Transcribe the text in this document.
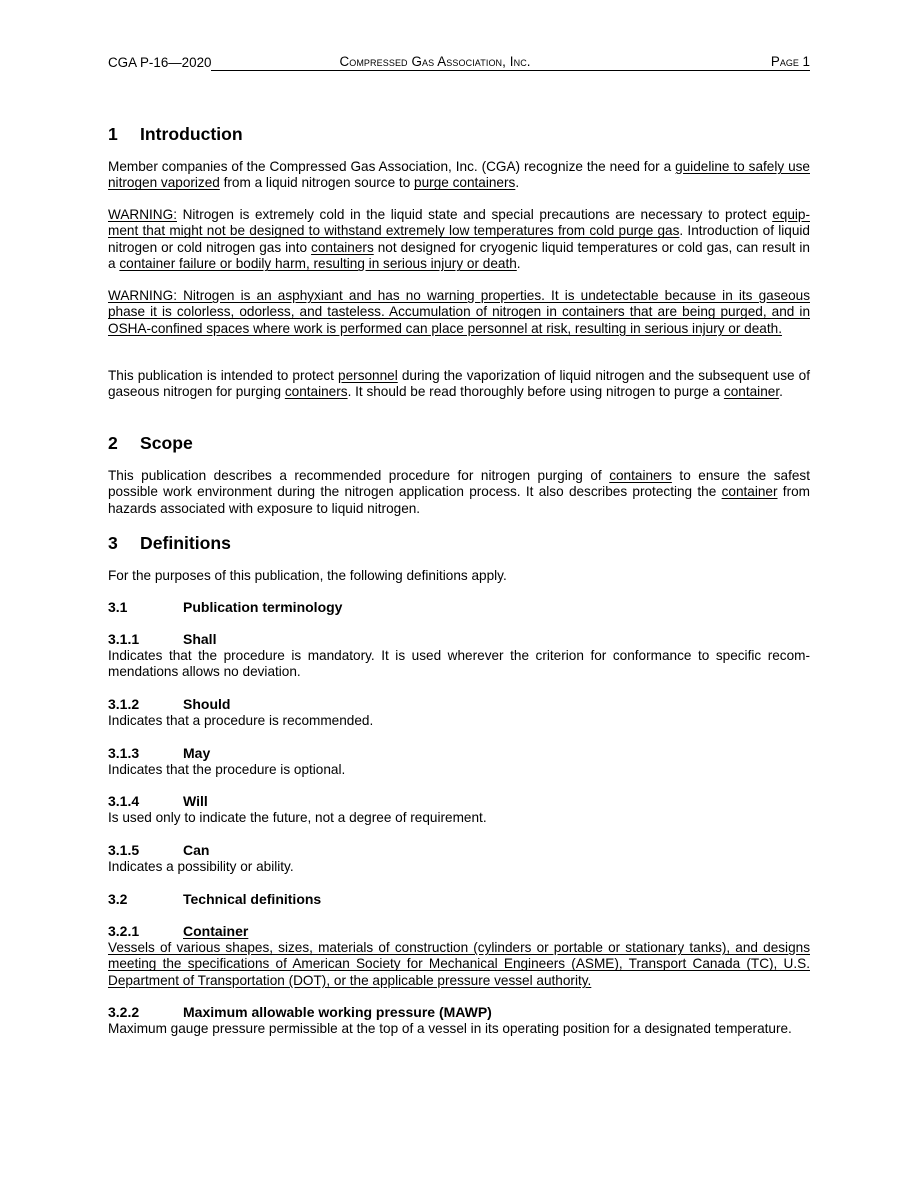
CGA P-16—2020	Compressed Gas Association, Inc.	Page 1
1 Introduction

Member companies of the Compressed Gas Association, Inc. (CGA) recognize the need for a guideline to safely use nitrogen vaporized from a liquid nitrogen source to purge containers.

WARNING: Nitrogen is extremely cold in the liquid state and special precautions are necessary to protect equip-ment that might not be designed to withstand extremely low temperatures from cold purge gas. Introduction of liquid nitrogen or cold nitrogen gas into containers not designed for cryogenic liquid temperatures or cold gas, can result in a container failure or bodily harm, resulting in serious injury or death.

WARNING: Nitrogen is an asphyxiant and has no warning properties. It is undetectable because in its gaseous phase it is colorless, odorless, and tasteless. Accumulation of nitrogen in containers that are being purged, and in OSHA-confined spaces where work is performed can place personnel at risk, resulting in serious injury or death.

This publication is intended to protect personnel during the vaporization of liquid nitrogen and the subsequent use of gaseous nitrogen for purging containers. It should be read thoroughly before using nitrogen to purge a container.

2 Scope

This publication describes a recommended procedure for nitrogen purging of containers to ensure the safest possible work environment during the nitrogen application process. It also describes protecting the container from hazards associated with exposure to liquid nitrogen.

3 Definitions

For the purposes of this publication, the following definitions apply.

3.1	Publication terminology
3.1.1	Shall

Indicates that the procedure is mandatory. It is used wherever the criterion for conformance to specific recom-mendations allows no deviation.

3.1.2	Should

Indicates that a procedure is recommended.

3.1.3	May

Indicates that the procedure is optional.

3.1.4	Will

Is used only to indicate the future, not a degree of requirement.

3.1.5	Can

Indicates a possibility or ability.

3.2	Technical definitions
3.2.1	Container

Vessels of various shapes, sizes, materials of construction (cylinders or portable or stationary tanks), and designs meeting the specifications of American Society for Mechanical Engineers (ASME), Transport Canada (TC), U.S. Department of Transportation (DOT), or the applicable pressure vessel authority.

3.2.2	Maximum allowable working pressure (MAWP)

Maximum gauge pressure permissible at the top of a vessel in its operating position for a designated temperature.
